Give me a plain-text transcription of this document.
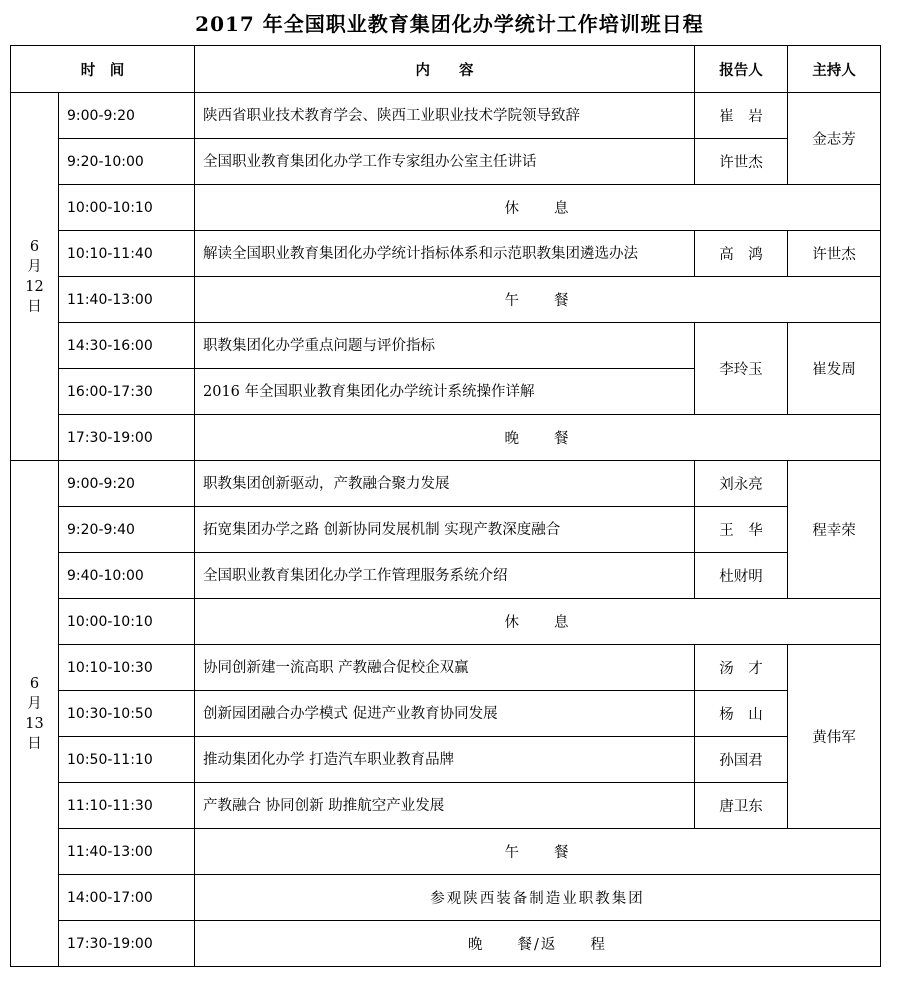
2017 年全国职业教育集团化办学统计工作培训班日程
时　间		内　　容	报告人	主持人

6
月
12
日	9:00-9:20	陕西省职业技术教育学会、陕西工业职业技术学院领导致辞	崔　岩	金志芳
	9:20-10:00	全国职业教育集团化办学工作专家组办公室主任讲话	许世杰	
	10:00-10:10	休　　息		
	10:10-11:40	解读全国职业教育集团化办学统计指标体系和示范职教集团遴选办法	高　鸿	许世杰
	11:40-13:00	午　　餐		
	14:30-16:00	职教集团化办学重点问题与评价指标	李玲玉	崔发周
	16:00-17:30	2016 年全国职业教育集团化办学统计系统操作详解		
	17:30-19:00	晚　　餐		

6
月
13
日	9:00-9:20	职教集团创新驱动，产教融合聚力发展	刘永亮	程幸荣
	9:20-9:40	拓宽集团办学之路 创新协同发展机制 实现产教深度融合	王　华	
	9:40-10:00	全国职业教育集团化办学工作管理服务系统介绍	杜财明	
	10:00-10:10	休　　息		
	10:10-10:30	协同创新建一流高职 产教融合促校企双赢	汤　才	黄伟军
	10:30-10:50	创新园团融合办学模式 促进产业教育协同发展	杨　山	
	10:50-11:10	推动集团化办学 打造汽车职业教育品牌	孙国君	
	11:10-11:30	产教融合 协同创新 助推航空产业发展	唐卫东	
	11:40-13:00	午　　餐		
	14:00-17:00	参观陕西装备制造业职教集团		
	17:30-19:00	晚　　餐/返　　程		
